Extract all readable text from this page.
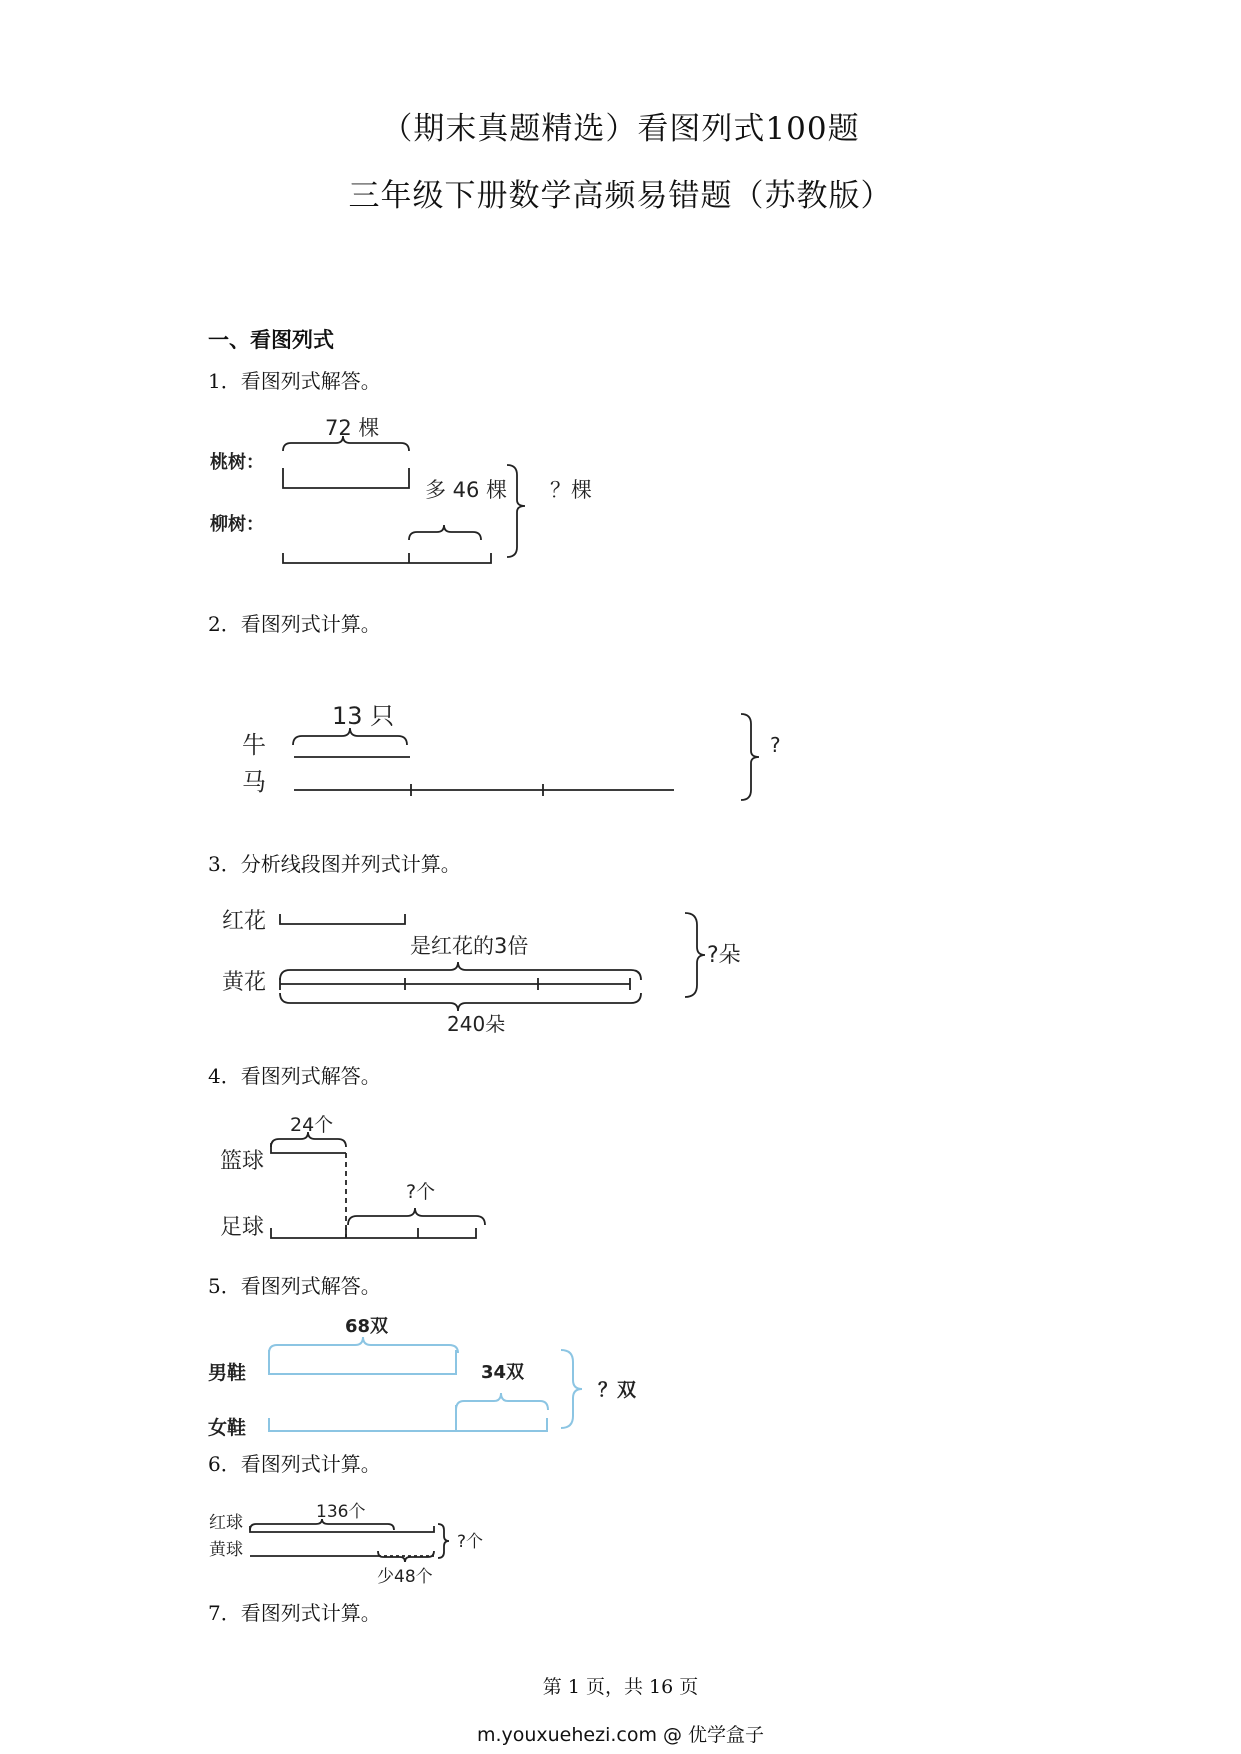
（期末真题精选）看图列式100题
三年级下册数学高频易错题（苏教版）
一、看图列式
1．看图列式解答。
72 棵
桃树：
多 46 棵
柳树：
？棵
2．看图列式计算。
13 只
牛
马
?
3．分析线段图并列式计算。
红花
是红花的3倍
黄花
240朵
?朵
4．看图列式解答。
24个
篮球
?个
足球
5．看图列式解答。
68双
男鞋	34双
女鞋
？双
6．看图列式计算。
136个
红球
黄球
少48个
?个
7．看图列式计算。
第 1 页，共 16 页
m.youxuehezi.com @ 优学盒子
